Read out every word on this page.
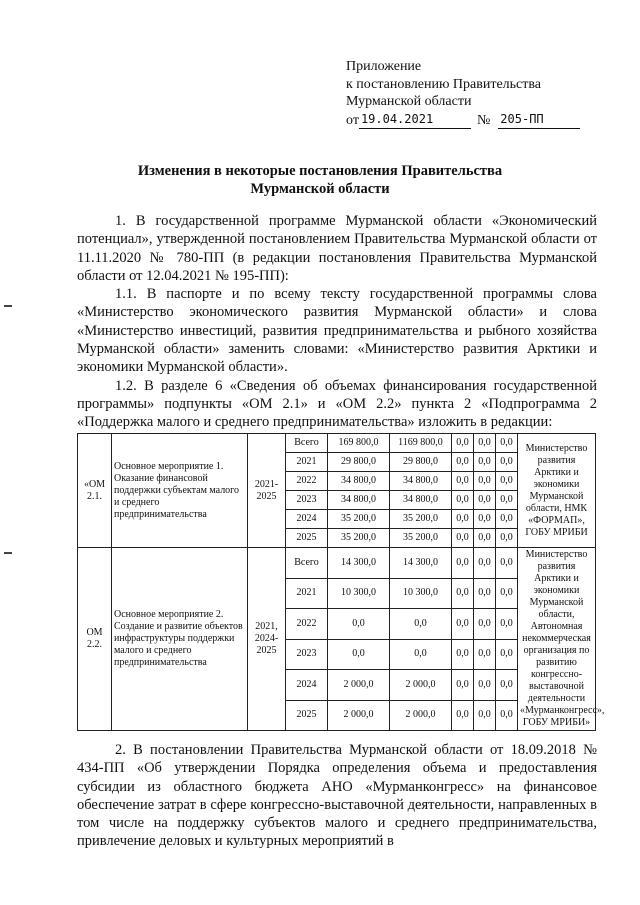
Приложение
к постановлению Правительства
Мурманской области
от 19.04.2021	№ 205-ПП
Изменения в некоторые постановления Правительства
Мурманской области

1. В государственной программе Мурманской области «Экономический потенциал», утвержденной постановлением Правительства Мурманской области от 11.11.2020 № 780-ПП (в редакции постановления Правительства Мурманской области от 12.04.2021 № 195-ПП):

1.1. В паспорте и по всему тексту государственной программы слова «Министерство экономического развития Мурманской области» и слова «Министерство инвестиций, развития предпринимательства и рыбного хозяйства Мурманской области» заменить словами: «Министерство развития Арктики и экономики Мурманской области».

1.2. В разделе 6 «Сведения об объемах финансирования государственной программы» подпункты «ОМ 2.1» и «ОМ 2.2» пункта 2 «Подпрограмма 2 «Поддержка малого и среднего предпринимательства» изложить в редакции:

«ОМ 2.1.	Основное мероприятие 1. Оказание финансовой поддержки субъектам малого и среднего предпринимательства	2021-2025	Всего	169 800,0	1169 800,0	0,0	0,0	0,0	Министерство развития Арктики и экономики Мурманской области, НМК «ФОРМАП», ГОБУ МРИБИ
			2021	29 800,0	29 800,0	0,0	0,0	0,0	
			2022	34 800,0	34 800,0	0,0	0,0	0,0	
			2023	34 800,0	34 800,0	0,0	0,0	0,0	
			2024	35 200,0	35 200,0	0,0	0,0	0,0	
			2025	35 200,0	35 200,0	0,0	0,0	0,0	
ОМ 2.2.	Основное мероприятие 2. Создание и развитие объектов инфраструктуры поддержки малого и среднего предпринимательства	2021, 2024-2025	Всего	14 300,0	14 300,0	0,0	0,0	0,0	Министерство развития Арктики и экономики Мурманской области, Автономная некоммерческая организация по развитию конгрессно-выставочной деятельности «Мурманконгресс», ГОБУ МРИБИ»
			2021	10 300,0	10 300,0	0,0	0,0	0,0	
			2022	0,0	0,0	0,0	0,0	0,0	
			2023	0,0	0,0	0,0	0,0	0,0	
			2024	2 000,0	2 000,0	0,0	0,0	0,0	
			2025	2 000,0	2 000,0	0,0	0,0	0,0	

2. В постановлении Правительства Мурманской области от 18.09.2018 № 434-ПП «Об утверждении Порядка определения объема и предоставления субсидии из областного бюджета АНО «Мурманконгресс» на финансовое обеспечение затрат в сфере конгрессно-выставочной деятельности, направленных в том числе на поддержку субъектов малого и среднего предпринимательства, привлечение деловых и культурных мероприятий в
